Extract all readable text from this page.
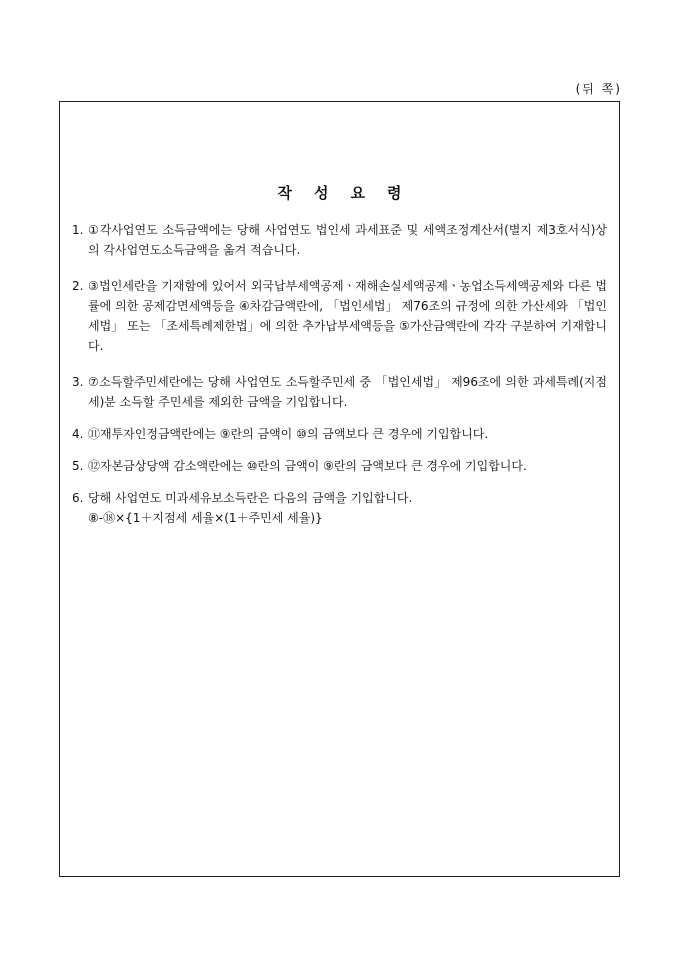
(뒤 쪽)
작성요령
1. ①각사업연도 소득금액에는 당해 사업연도 법인세 과세표준 및 세액조정계산서(별지 제3호서식)상의 각사업연도소득금액을 옮겨 적습니다.
2. ③법인세란을 기재함에 있어서 외국납부세액공제ㆍ재해손실세액공제ㆍ농업소득세액공제와 다른 법률에 의한 공제감면세액등을 ④차감금액란에, 「법인세법」 제76조의 규정에 의한 가산세와 「법인세법」 또는 「조세특례제한법」에 의한 추가납부세액등을 ⑤가산금액란에 각각 구분하여 기재합니다.
3. ⑦소득할주민세란에는 당해 사업연도 소득할주민세 중 「법인세법」 제96조에 의한 과세특례(지점세)분 소득할 주민세를 제외한 금액을 기입합니다.
4. ⑪재투자인정금액란에는 ⑨란의 금액이 ⑩의 금액보다 큰 경우에 기입합니다.
5. ⑫자본금상당액 감소액란에는 ⑩란의 금액이 ⑨란의 금액보다 큰 경우에 기입합니다.
6. 당해 사업연도 미과세유보소득란은 다음의 금액을 기입합니다.
⑧-⑱×{1＋지점세 세율×(1＋주민세 세율)}
